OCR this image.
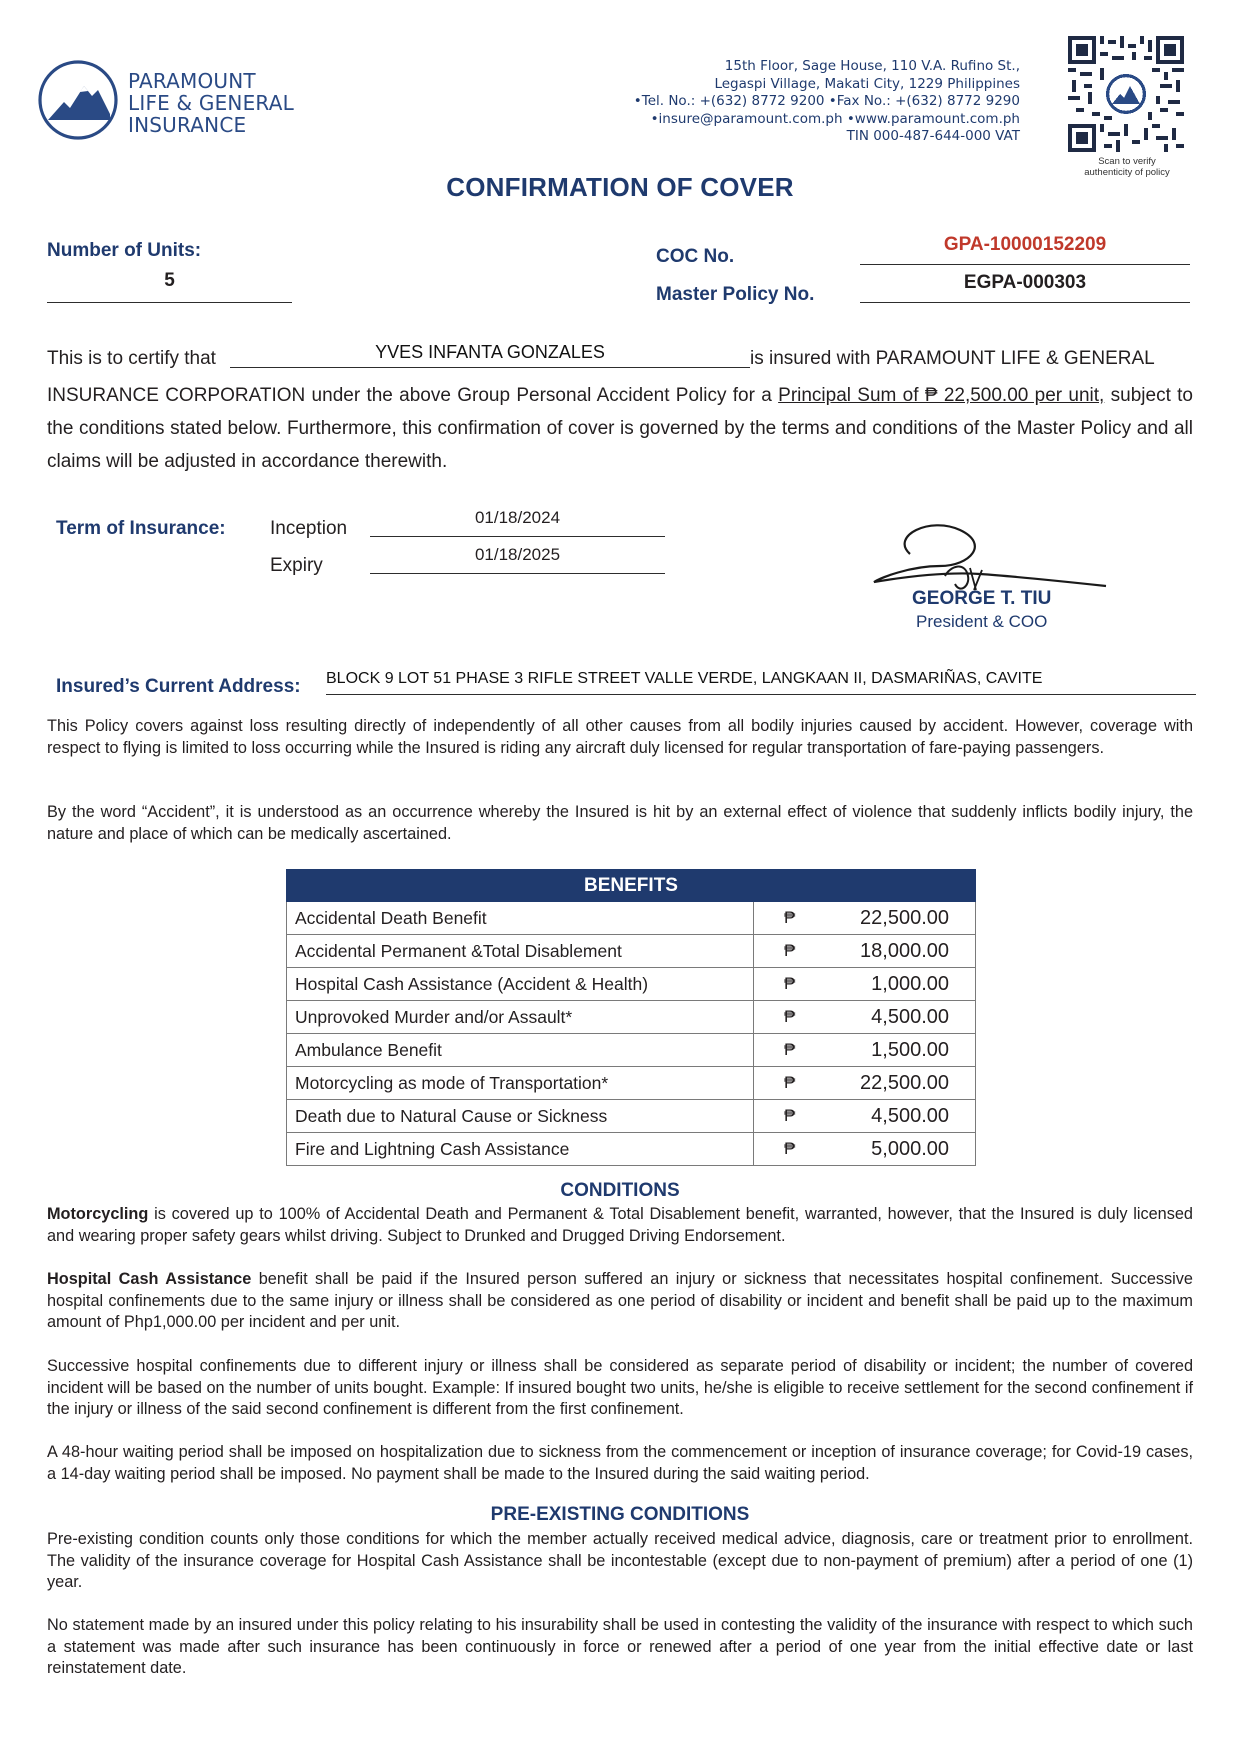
PARAMOUNT
LIFE & GENERAL
INSURANCE
15th Floor, Sage House, 110 V.A. Rufino St.,
Legaspi Village, Makati City, 1229 Philippines
•Tel. No.: +(632) 8772 9200 •Fax No.: +(632) 8772 9290
•insure@paramount.com.ph •www.paramount.com.ph
TIN 000-487-644-000 VAT
Scan to verify
authenticity of policy
CONFIRMATION OF COVER
Number of Units:
5
COC No.
GPA-10000152209
Master Policy No.
EGPA-000303
This is to certify that	YVES INFANTA GONZALES	is insured with PARAMOUNT LIFE & GENERAL
INSURANCE CORPORATION under the above Group Personal Accident Policy for a Principal Sum of ₱ 22,500.00 per unit, subject to the conditions stated below. Furthermore, this confirmation of cover is governed by the terms and conditions of the Master Policy and all claims will be adjusted in accordance therewith.
Term of Insurance: Inception
01/18/2024
Expiry
01/18/2025
GEORGE T. TIU
President & COO
Insured’s Current Address: BLOCK 9 LOT 51 PHASE 3 RIFLE STREET VALLE VERDE, LANGKAAN II, DASMARIÑAS, CAVITE
This Policy covers against loss resulting directly of independently of all other causes from all bodily injuries caused by accident. However, coverage with respect to flying is limited to loss occurring while the Insured is riding any aircraft duly licensed for regular transportation of fare-paying passengers.
By the word “Accident”, it is understood as an occurrence whereby the Insured is hit by an external effect of violence that suddenly inflicts bodily injury, the nature and place of which can be medically ascertained.
BENEFITS		
Accidental Death Benefit	₱	22,500.00
Accidental Permanent &Total Disablement	₱	18,000.00
Hospital Cash Assistance (Accident & Health)	₱	1,000.00
Unprovoked Murder and/or Assault*	₱	4,500.00
Ambulance Benefit	₱	1,500.00
Motorcycling as mode of Transportation*	₱	22,500.00
Death due to Natural Cause or Sickness	₱	4,500.00
Fire and Lightning Cash Assistance	₱	5,000.00
CONDITIONS
Motorcycling is covered up to 100% of Accidental Death and Permanent & Total Disablement benefit, warranted, however, that the Insured is duly licensed and wearing proper safety gears whilst driving. Subject to Drunked and Drugged Driving Endorsement.
Hospital Cash Assistance benefit shall be paid if the Insured person suffered an injury or sickness that necessitates hospital confinement. Successive hospital confinements due to the same injury or illness shall be considered as one period of disability or incident and benefit shall be paid up to the maximum amount of Php1,000.00 per incident and per unit.
Successive hospital confinements due to different injury or illness shall be considered as separate period of disability or incident; the number of covered incident will be based on the number of units bought. Example: If insured bought two units, he/she is eligible to receive settlement for the second confinement if the injury or illness of the said second confinement is different from the first confinement.
A 48-hour waiting period shall be imposed on hospitalization due to sickness from the commencement or inception of insurance coverage; for Covid-19 cases, a 14-day waiting period shall be imposed. No payment shall be made to the Insured during the said waiting period.
PRE-EXISTING CONDITIONS
Pre-existing condition counts only those conditions for which the member actually received medical advice, diagnosis, care or treatment prior to enrollment. The validity of the insurance coverage for Hospital Cash Assistance shall be incontestable (except due to non-payment of premium) after a period of one (1) year.
No statement made by an insured under this policy relating to his insurability shall be used in contesting the validity of the insurance with respect to which such a statement was made after such insurance has been continuously in force or renewed after a period of one year from the initial effective date or last reinstatement date.
